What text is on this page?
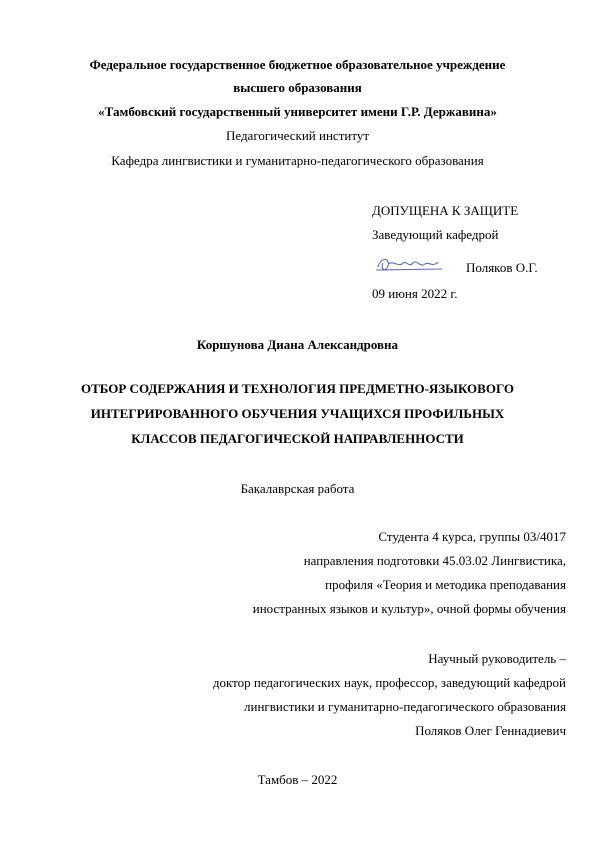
Федеральное государственное бюджетное образовательное учреждение
высшего образования
«Тамбовский государственный университет имени Г.Р. Державина»
Педагогический институт
Кафедра лингвистики и гуманитарно-педагогического образования
ДОПУЩЕНА К ЗАЩИТЕ
Заведующий кафедрой
Поляков О.Г.
09 июня 2022 г.
Коршунова Диана Александровна
ОТБОР СОДЕРЖАНИЯ И ТЕХНОЛОГИЯ ПРЕДМЕТНО-ЯЗЫКОВОГО
ИНТЕГРИРОВАННОГО ОБУЧЕНИЯ УЧАЩИХСЯ ПРОФИЛЬНЫХ
КЛАССОВ ПЕДАГОГИЧЕСКОЙ НАПРАВЛЕННОСТИ
Бакалаврская работа
Студента 4 курса, группы 03/4017
направления подготовки 45.03.02 Лингвистика,
профиля «Теория и методика преподавания
иностранных языков и культур», очной формы обучения
Научный руководитель –
доктор педагогических наук, профессор, заведующий кафедрой
лингвистики и гуманитарно-педагогического образования
Поляков Олег Геннадиевич
Тамбов – 2022
